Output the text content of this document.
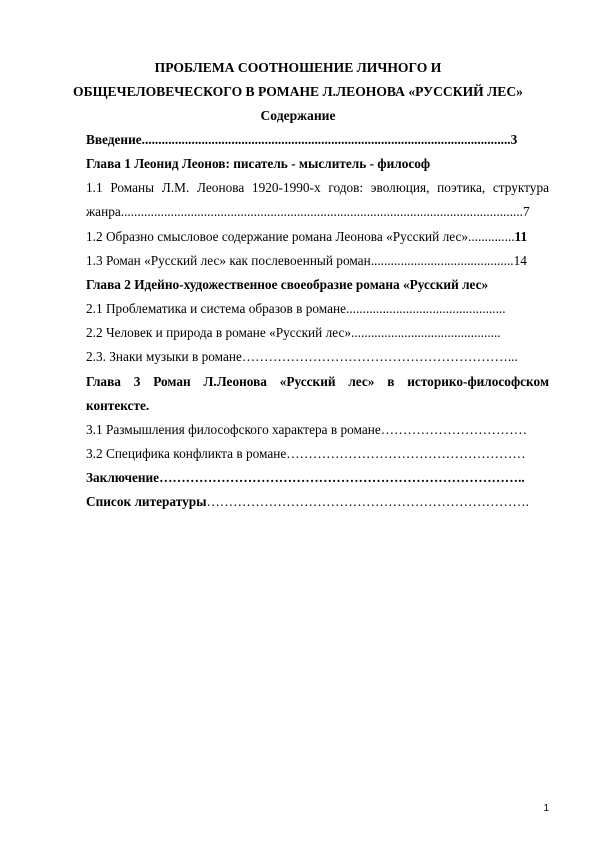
ПРОБЛЕМА СООТНОШЕНИЕ ЛИЧНОГО И
ОБЩЕЧЕЛОВЕЧЕСКОГО В РОМАНЕ Л.ЛЕОНОВА «РУССКИЙ ЛЕС»
Содержание
Введение...............................................................................................................3
Глава 1 Леонид Леонов: писатель - мыслитель - философ
1.1 Романы Л.М. Леонова 1920-1990-х годов: эволюция, поэтика, структура
жанра.........................................................................................................................7
1.2 Образно смысловое содержание романа Леонова «Русский лес»..............11
1.3 Роман «Русский лес» как послевоенный роман...........................................14
Глава 2 Идейно-художественное своеобразие романа «Русский лес»
2.1 Проблематика и система образов в романе................................................
2.2 Человек и природа в романе «Русский лес».............................................
2.3. Знаки музыки в романе……………………………………………………...
Глава 3 Роман Л.Леонова «Русский лес» в историко-философском
контексте.
3.1 Размышления философского характера в романе……………………………
3.2 Специфика конфликта в романе………………………………………………
Заключение………………………………………………………………………..
Список литературы……………………………………………………………….
1
